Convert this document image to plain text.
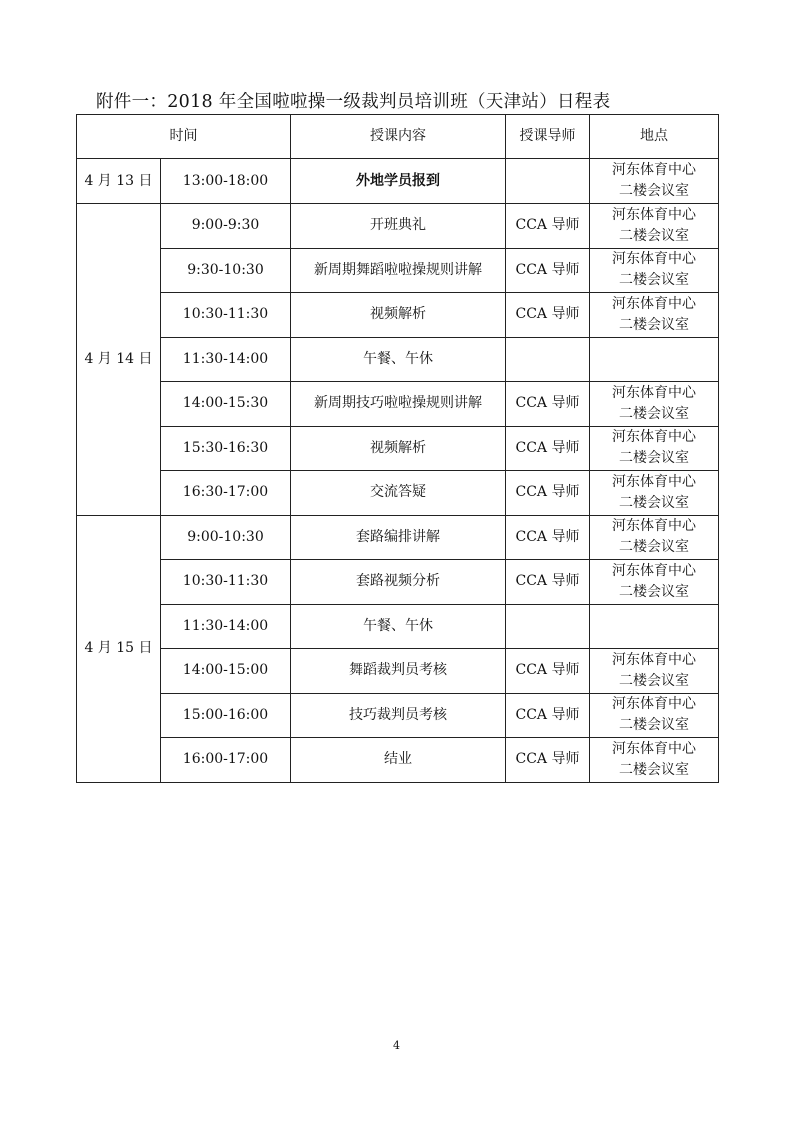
附件一：2018 年全国啦啦操一级裁判员培训班（天津站）日程表
时间		授课内容	授课导师	地点
4 月 13 日	13:00-18:00	外地学员报到		河东体育中心
二楼会议室

4 月 14 日	9:00-9:30	开班典礼	CCA 导师	河东体育中心
二楼会议室

	9:30-10:30	新周期舞蹈啦啦操规则讲解	CCA 导师	河东体育中心
二楼会议室

	10:30-11:30	视频解析	CCA 导师	河东体育中心
二楼会议室

	11:30-14:00	午餐、午休		
	14:00-15:30	新周期技巧啦啦操规则讲解	CCA 导师	河东体育中心
二楼会议室

	15:30-16:30	视频解析	CCA 导师	河东体育中心
二楼会议室

	16:30-17:00	交流答疑	CCA 导师	河东体育中心
二楼会议室

4 月 15 日	9:00-10:30	套路编排讲解	CCA 导师	河东体育中心
二楼会议室

	10:30-11:30	套路视频分析	CCA 导师	河东体育中心
二楼会议室

	11:30-14:00	午餐、午休		
	14:00-15:00	舞蹈裁判员考核	CCA 导师	河东体育中心
二楼会议室

	15:00-16:00	技巧裁判员考核	CCA 导师	河东体育中心
二楼会议室

	16:00-17:00	结业	CCA 导师	河东体育中心
二楼会议室
4
